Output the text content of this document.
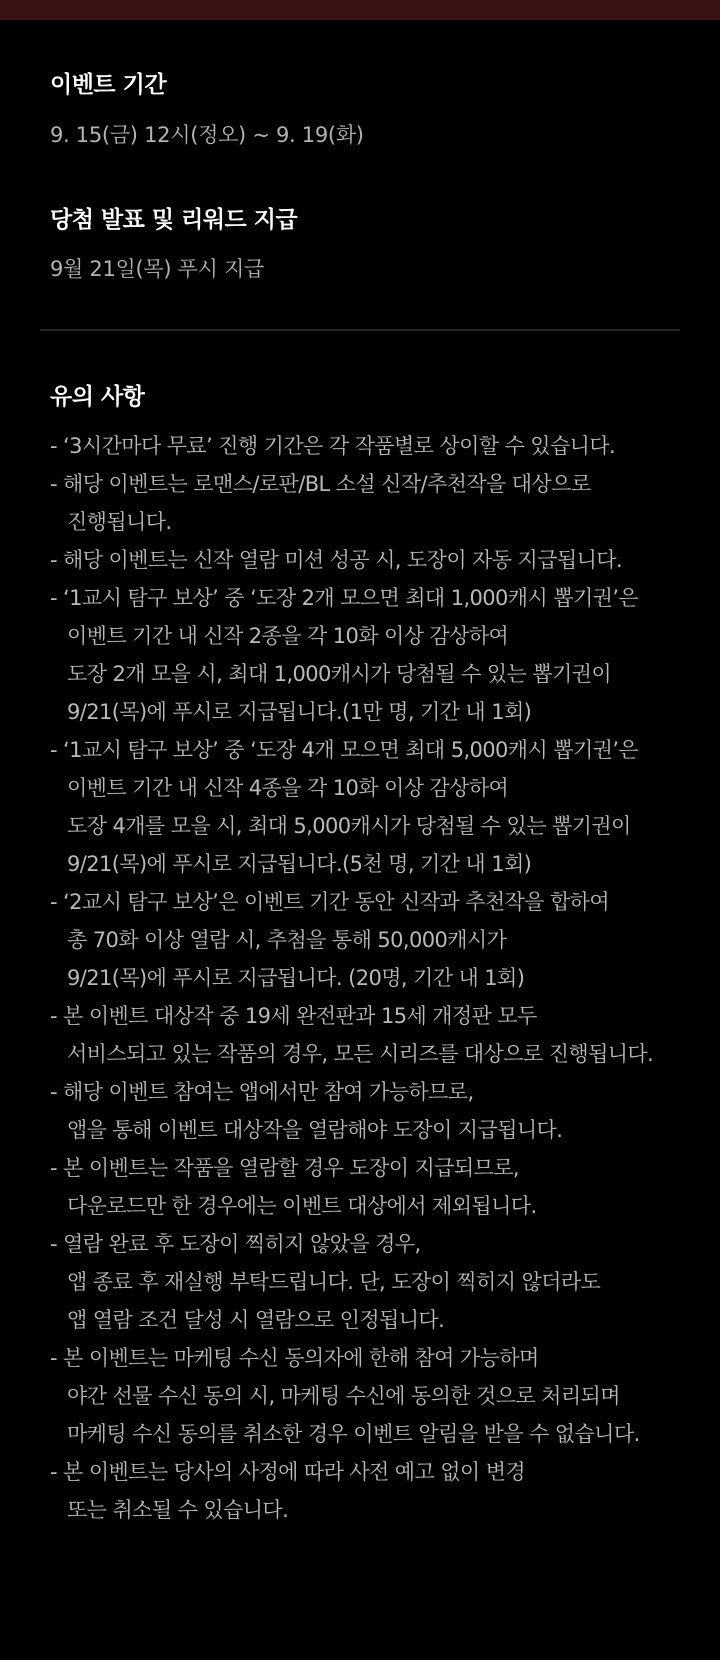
이벤트 기간

9. 15(금) 12시(정오) ~ 9. 19(화)

당첨 발표 및 리워드 지급

9월 21일(목) 푸시 지급

유의 사항
- ‘3시간마다 무료’ 진행 기간은 각 작품별로 상이할 수 있습니다.
- 해당 이벤트는 로맨스/로판/BL 소설 신작/추천작을 대상으로
진행됩니다.
- 해당 이벤트는 신작 열람 미션 성공 시, 도장이 자동 지급됩니다.
- ‘1교시 탐구 보상’ 중 ‘도장 2개 모으면 최대 1,000캐시 뽑기권’은
이벤트 기간 내 신작 2종을 각 10화 이상 감상하여
도장 2개 모을 시, 최대 1,000캐시가 당첨될 수 있는 뽑기권이
9/21(목)에 푸시로 지급됩니다.(1만 명, 기간 내 1회)
- ‘1교시 탐구 보상’ 중 ‘도장 4개 모으면 최대 5,000캐시 뽑기권’은
이벤트 기간 내 신작 4종을 각 10화 이상 감상하여
도장 4개를 모을 시, 최대 5,000캐시가 당첨될 수 있는 뽑기권이
9/21(목)에 푸시로 지급됩니다.(5천 명, 기간 내 1회)
- ‘2교시 탐구 보상’은 이벤트 기간 동안 신작과 추천작을 합하여
총 70화 이상 열람 시, 추첨을 통해 50,000캐시가
9/21(목)에 푸시로 지급됩니다. (20명, 기간 내 1회)
- 본 이벤트 대상작 중 19세 완전판과 15세 개정판 모두
서비스되고 있는 작품의 경우, 모든 시리즈를 대상으로 진행됩니다.
- 해당 이벤트 참여는 앱에서만 참여 가능하므로,
앱을 통해 이벤트 대상작을 열람해야 도장이 지급됩니다.
- 본 이벤트는 작품을 열람할 경우 도장이 지급되므로,
다운로드만 한 경우에는 이벤트 대상에서 제외됩니다.
- 열람 완료 후 도장이 찍히지 않았을 경우,
앱 종료 후 재실행 부탁드립니다. 단, 도장이 찍히지 않더라도
앱 열람 조건 달성 시 열람으로 인정됩니다.
- 본 이벤트는 마케팅 수신 동의자에 한해 참여 가능하며
야간 선물 수신 동의 시, 마케팅 수신에 동의한 것으로 처리되며
마케팅 수신 동의를 취소한 경우 이벤트 알림을 받을 수 없습니다.
- 본 이벤트는 당사의 사정에 따라 사전 예고 없이 변경
또는 취소될 수 있습니다.
